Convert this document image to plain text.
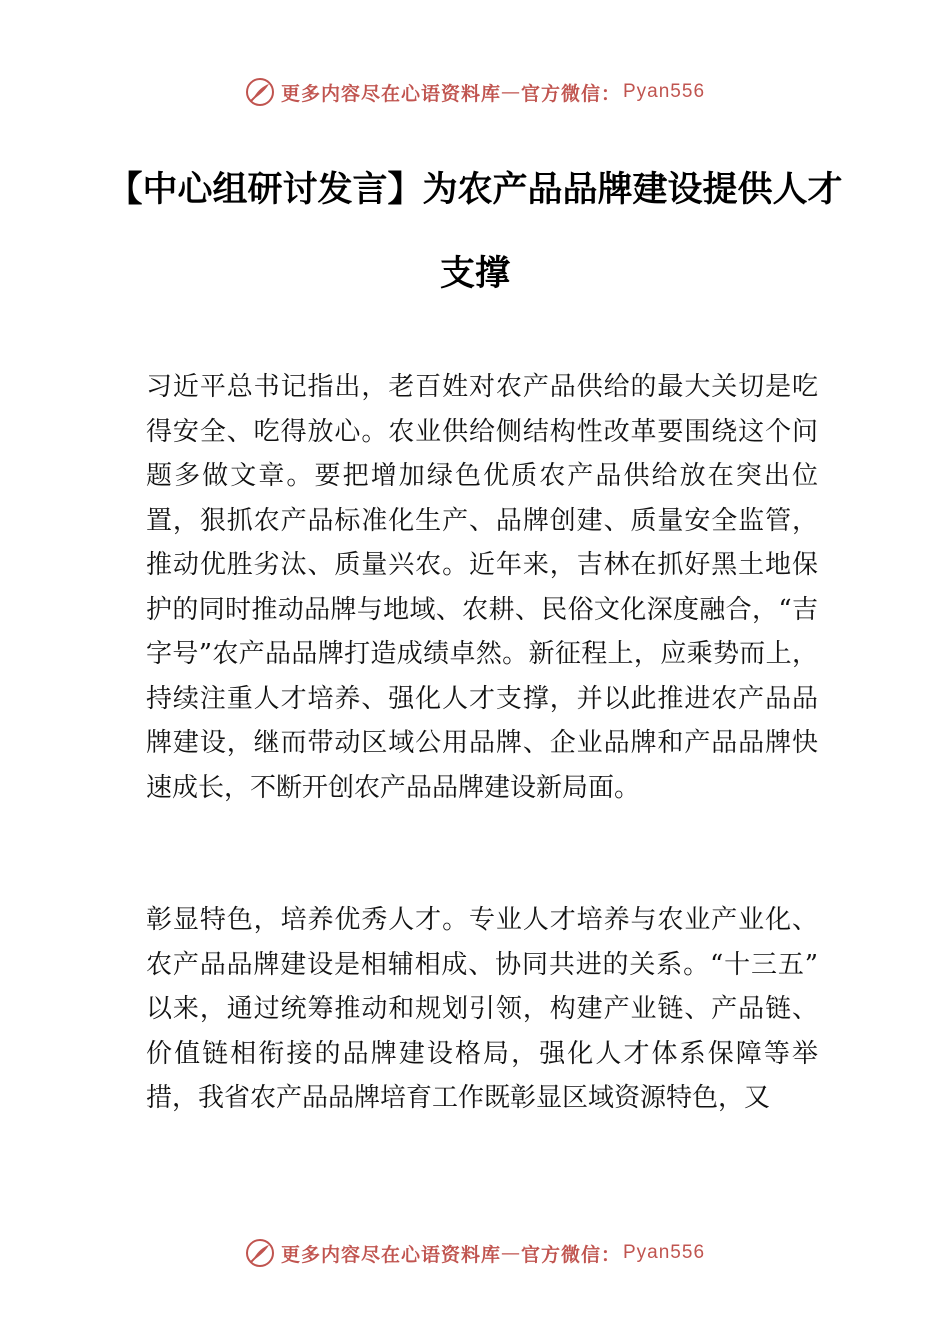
更多内容尽在心语资料库 — 官方微信： Pyan556
【中心组研讨发言】为农产品品牌建设提供人才支撑

习近平总书记指出，老百姓对农产品供给的最大关切是吃得安全、吃得放心。农业供给侧结构性改革要围绕这个问题多做文章。要把增加绿色优质农产品供给放在突出位置，狠抓农产品标准化生产、品牌创建、质量安全监管，推动优胜劣汰、质量兴农。近年来，吉林在抓好黑土地保护的同时推动品牌与地域、农耕、民俗文化深度融合，“吉字号”农产品品牌打造成绩卓然。新征程上，应乘势而上，持续注重人才培养、强化人才支撑，并以此推进农产品品牌建设，继而带动区域公用品牌、企业品牌和产品品牌快速成长，不断开创农产品品牌建设新局面。

彰显特色，培养优秀人才。专业人才培养与农业产业化、农产品品牌建设是相辅相成、协同共进的关系。“十三五” 以来，通过统筹推动和规划引领，构建产业链、产品链、价值链相衔接的品牌建设格局，强化人才体系保障等举措，我省农产品品牌培育工作既彰显区域资源特色，又

更多内容尽在心语资料库 — 官方微信： Pyan556
